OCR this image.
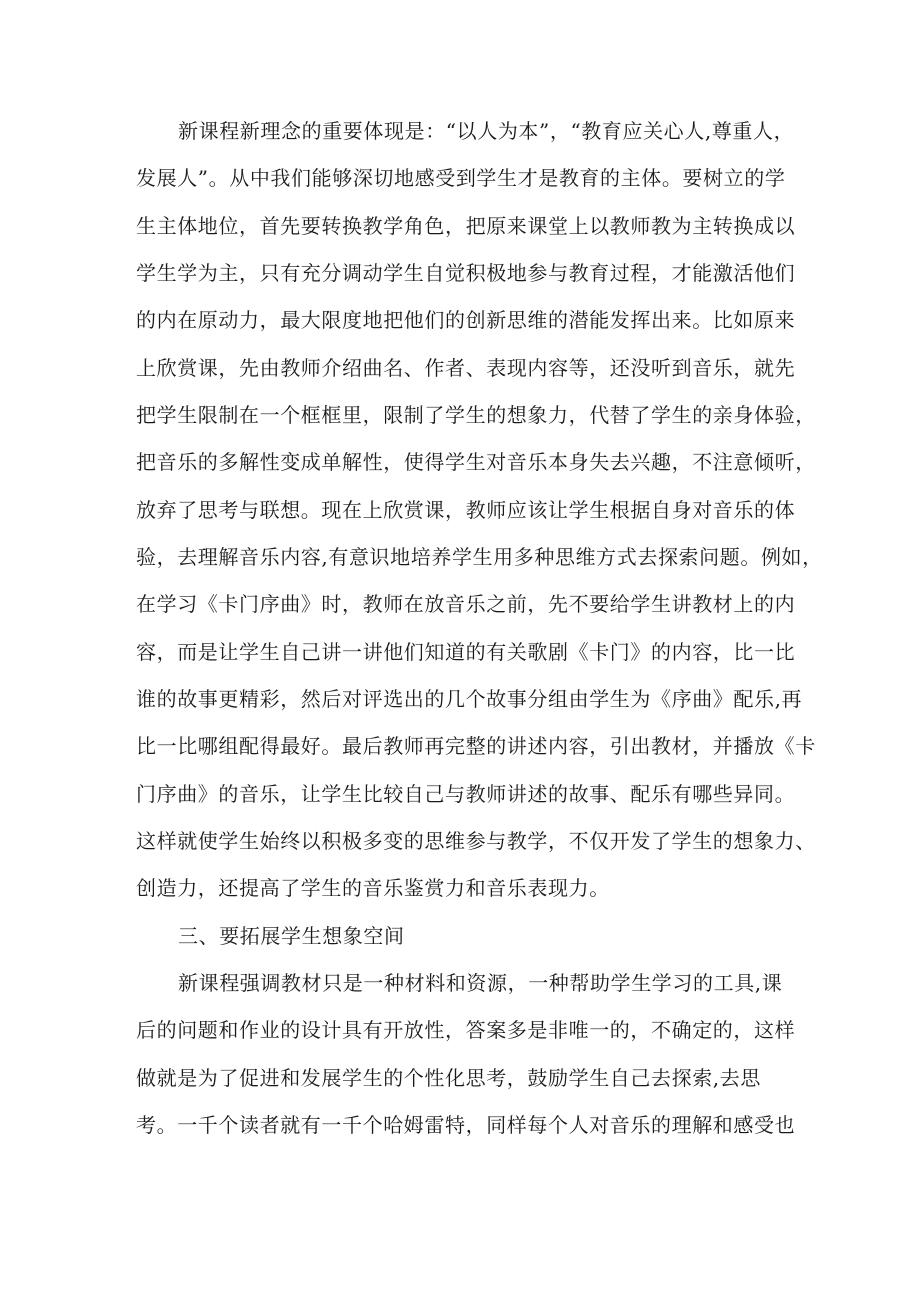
新课程新理念的重要体现是：“以人为本”，“教育应关心人,尊重人，
发展人”。从中我们能够深切地感受到学生才是教育的主体。要树立的学
生主体地位，首先要转换教学角色，把原来课堂上以教师教为主转换成以
学生学为主，只有充分调动学生自觉积极地参与教育过程，才能激活他们
的内在原动力，最大限度地把他们的创新思维的潜能发挥出来。比如原来
上欣赏课，先由教师介绍曲名、作者、表现内容等，还没听到音乐，就先
把学生限制在一个框框里，限制了学生的想象力，代替了学生的亲身体验，
把音乐的多解性变成单解性，使得学生对音乐本身失去兴趣，不注意倾听，
放弃了思考与联想。现在上欣赏课，教师应该让学生根据自身对音乐的体
验，去理解音乐内容,有意识地培养学生用多种思维方式去探索问题。例如，
在学习《卡门序曲》时，教师在放音乐之前，先不要给学生讲教材上的内
容，而是让学生自己讲一讲他们知道的有关歌剧《卡门》的内容，比一比
谁的故事更精彩，然后对评选出的几个故事分组由学生为《序曲》配乐,再
比一比哪组配得最好。最后教师再完整的讲述内容，引出教材，并播放《卡
门序曲》的音乐，让学生比较自己与教师讲述的故事、配乐有哪些异同。
这样就使学生始终以积极多变的思维参与教学，不仅开发了学生的想象力、
创造力，还提高了学生的音乐鉴赏力和音乐表现力。
三、要拓展学生想象空间
新课程强调教材只是一种材料和资源，一种帮助学生学习的工具,课
后的问题和作业的设计具有开放性，答案多是非唯一的，不确定的，这样
做就是为了促进和发展学生的个性化思考，鼓励学生自己去探索,去思
考。一千个读者就有一千个哈姆雷特，同样每个人对音乐的理解和感受也
